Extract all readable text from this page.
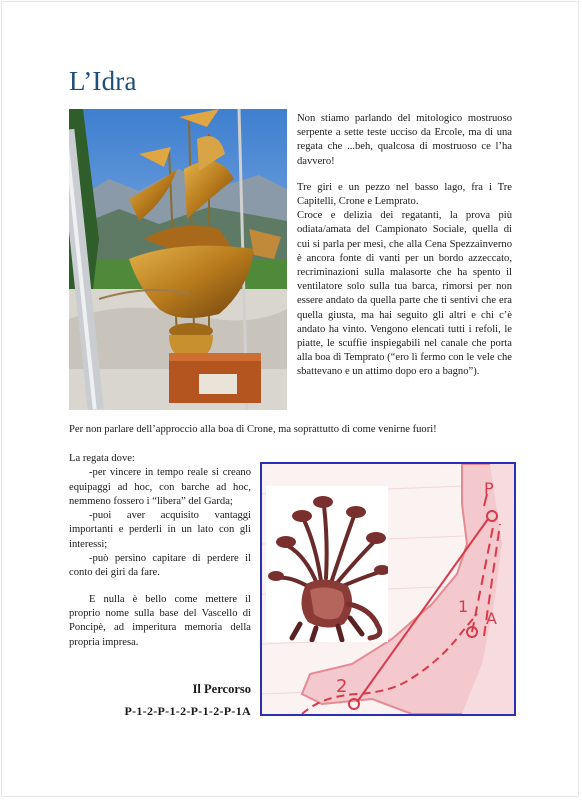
L’Idra

Non stiamo parlando del mitologico mostruoso serpente a sette teste ucciso da Ercole, ma di una regata che ...beh, qualcosa di mostruoso ce l’ha davvero!

Tre giri e un pezzo nel basso lago, fra i Tre Capitelli, Crone e Lemprato.

Croce e delizia dei regatanti, la prova più odiata/amata del Campionato Sociale, quella di cui si parla per mesi, che alla Cena Spezzainverno è ancora fonte di vanti per un bordo azzeccato, recriminazioni sulla malasorte che ha spento il ventilatore solo sulla tua barca, rimorsi per non essere andato da quella parte che ti sentivi che era quella giusta, ma hai seguito gli altri e chi c’è andato ha vinto. Vengono elencati tutti i refoli, le piatte, le scuffie inspiegabili nel canale che porta alla boa di Temprato (“ero lì fermo con le vele che sbattevano e un attimo dopo ero a bagno”).

Per non parlare dell’approccio alla boa di Crone, ma soprattutto di come venirne fuori!

La regata dove:

-per vincere in tempo reale si creano equipaggi ad hoc, con barche ad hoc, nemmeno fossero i “libera” del Garda;

-puoi aver acquisito vantaggi importanti e perderli in un lato con gli interessi;

-può persino capitare di perdere il conto dei giri da fare.

E nulla è bello come mettere il proprio nome sulla base del Vascello di Poncipè, ad imperitura memoria della propria impresa.

Il Percorso

P-1-2-P-1-2-P-1-2-P-1A

P
1
A
2
